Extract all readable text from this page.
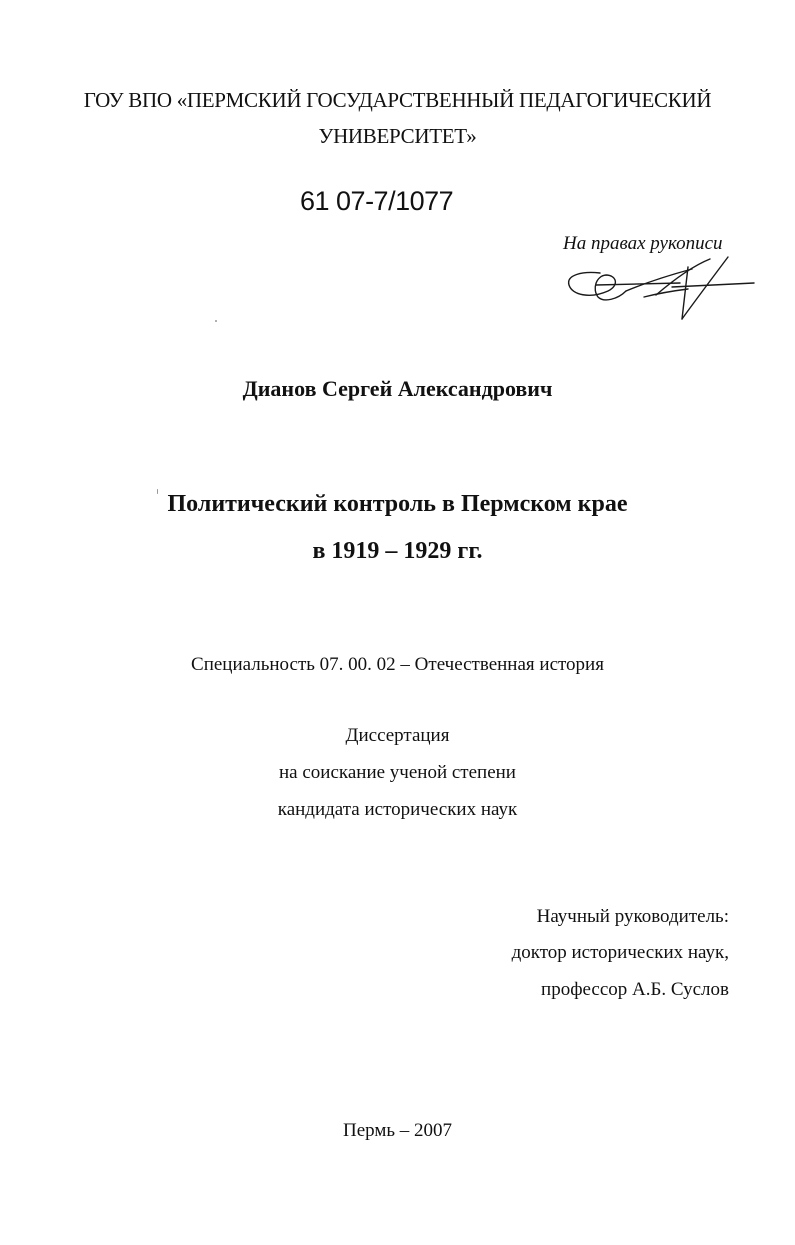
ГОУ ВПО «ПЕРМСКИЙ ГОСУДАРСТВЕННЫЙ ПЕДАГОГИЧЕСКИЙ
УНИВЕРСИТЕТ»
61 07-7/1077
На правах рукописи
Дианов Сергей Александрович
Политический контроль в Пермском крае
в 1919 – 1929 гг.
Специальность 07. 00. 02 – Отечественная история
Диссертация
на соискание ученой степени
кандидата исторических наук
Научный руководитель:
доктор исторических наук,
профессор А.Б. Суслов
Пермь – 2007
